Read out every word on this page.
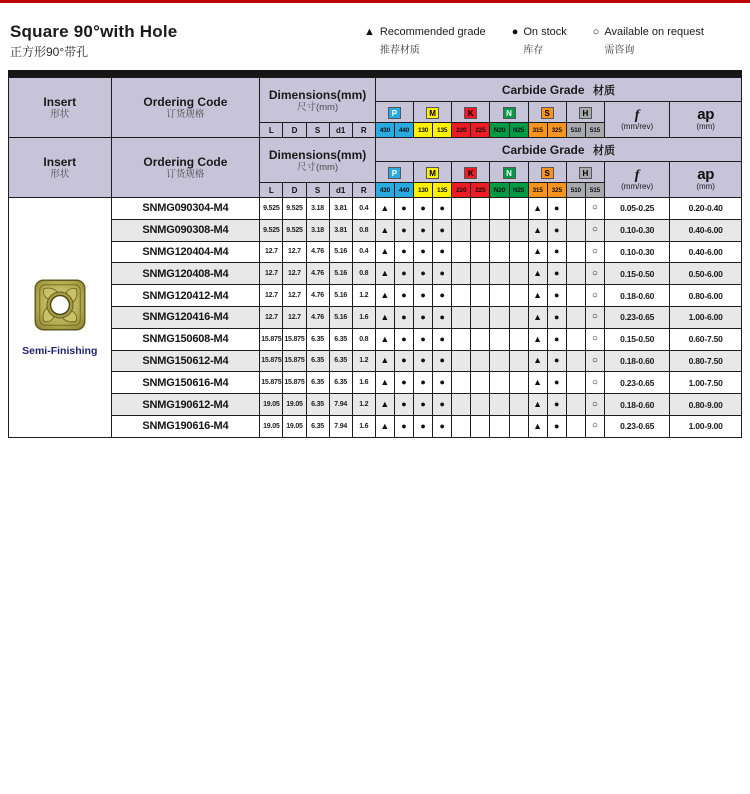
Square 90°with Hole
正方形90°带孔
▲ Recommended grade
推荐材质
● On stock
库存
○ Available on request
需咨询
Insert
形状

Ordering Code
订货规格

Dimensions(mm)
尺寸(mm)
	Carbide Grade 材质
							P		M		K		N		S		H		f
(mm/rev)	ap
(mm)

		L	D	S	d1	R	430	440	130	135	220	225	N20	N25	315	325	510	515		

Insert
形状

Ordering Code
订货规格

Dimensions(mm)
尺寸(mm)
	Carbide Grade 材质
							P		M		K		N		S		H		f
(mm/rev)	ap
(mm)

		L	D	S	d1	R	430	440	130	135	220	225	N20	N25	315	325	510	515		

Semi-Finishing	SNMG090304-M4	9.525	9.525	3.18	3.81	0.4	▲	●	●	●					▲	●		○	0.05-0.25	0.20-0.40
	SNMG090308-M4	9.525	9.525	3.18	3.81	0.8	▲	●	●	●					▲	●		○	0.10-0.30	0.40-6.00
	SNMG120404-M4	12.7	12.7	4.76	5.16	0.4	▲	●	●	●					▲	●		○	0.10-0.30	0.40-6.00
	SNMG120408-M4	12.7	12.7	4.76	5.16	0.8	▲	●	●	●					▲	●		○	0.15-0.50	0.50-6.00
	SNMG120412-M4	12.7	12.7	4.76	5.16	1.2	▲	●	●	●					▲	●		○	0.18-0.60	0.80-6.00
	SNMG120416-M4	12.7	12.7	4.76	5.16	1.6	▲	●	●	●					▲	●		○	0.23-0.65	1.00-6.00
	SNMG150608-M4	15.875	15.875	6.35	6.35	0.8	▲	●	●	●					▲	●		○	0.15-0.50	0.60-7.50
	SNMG150612-M4	15.875	15.875	6.35	6.35	1.2	▲	●	●	●					▲	●		○	0.18-0.60	0.80-7.50
	SNMG150616-M4	15.875	15.875	6.35	6.35	1.6	▲	●	●	●					▲	●		○	0.23-0.65	1.00-7.50
	SNMG190612-M4	19.05	19.05	6.35	7.94	1.2	▲	●	●	●					▲	●		○	0.18-0.60	0.80-9.00
	SNMG190616-M4	19.05	19.05	6.35	7.94	1.6	▲	●	●	●					▲	●		○	0.23-0.65	1.00-9.00
